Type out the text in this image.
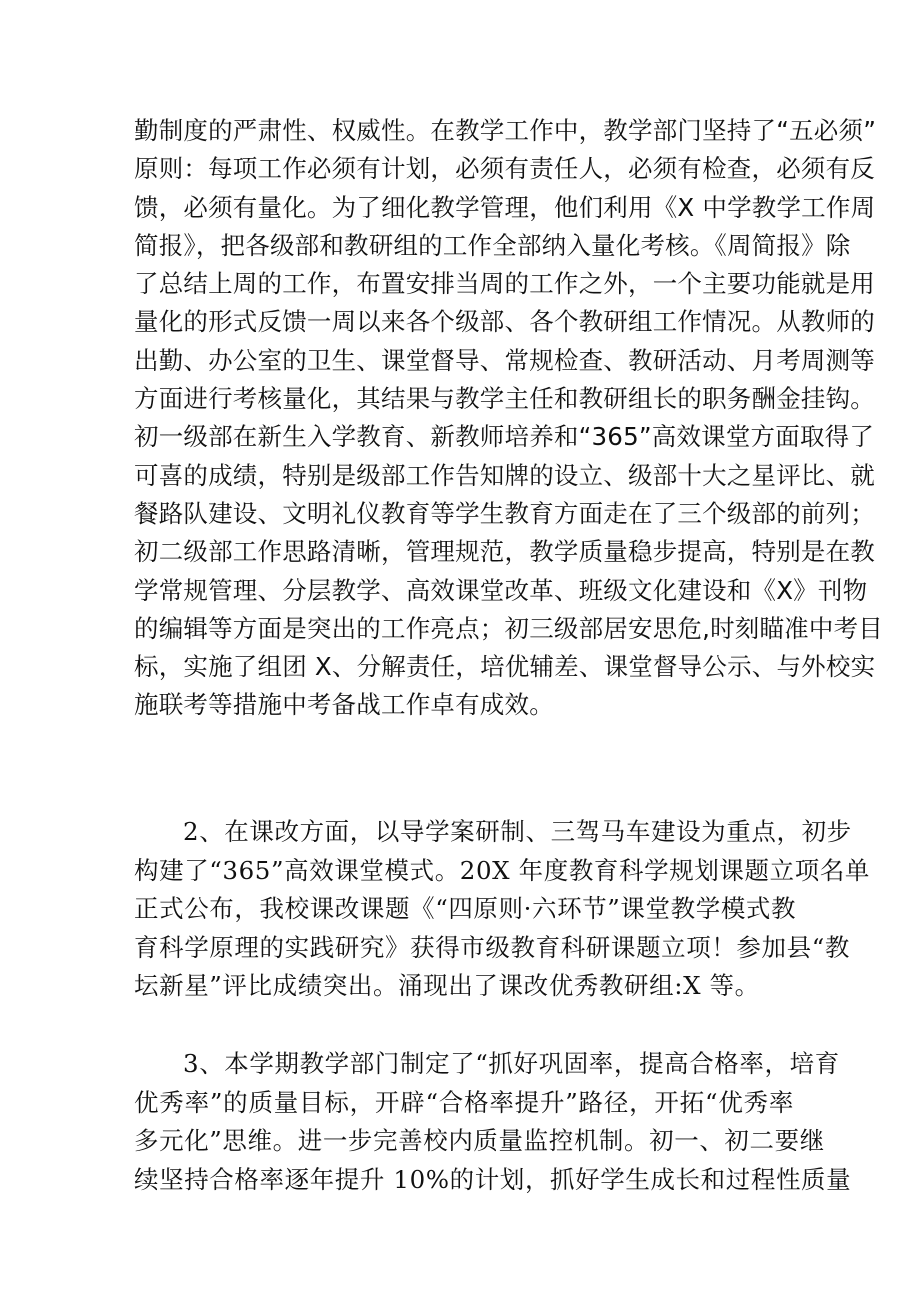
勤制度的严肃性、权威性。在教学工作中，教学部门坚持了“五必须”
原则：每项工作必须有计划，必须有责任人，必须有检查，必须有反
馈，必须有量化。为了细化教学管理，他们利用《X 中学教学工作周
简报》，把各级部和教研组的工作全部纳入量化考核。《周简报》除
了总结上周的工作，布置安排当周的工作之外，一个主要功能就是用
量化的形式反馈一周以来各个级部、各个教研组工作情况。从教师的
出勤、办公室的卫生、课堂督导、常规检查、教研活动、月考周测等
方面进行考核量化，其结果与教学主任和教研组长的职务酬金挂钩。
初一级部在新生入学教育、新教师培养和“365”高效课堂方面取得了
可喜的成绩，特别是级部工作告知牌的设立、级部十大之星评比、就
餐路队建设、文明礼仪教育等学生教育方面走在了三个级部的前列；
初二级部工作思路清晰，管理规范，教学质量稳步提高，特别是在教
学常规管理、分层教学、高效课堂改革、班级文化建设和《X》刊物
的编辑等方面是突出的工作亮点；初三级部居安思危,时刻瞄准中考目
标，实施了组团 X、分解责任，培优辅差、课堂督导公示、与外校实
施联考等措施中考备战工作卓有成效。
2、在课改方面，以导学案研制、三驾马车建设为重点，初步
构建了“365”高效课堂模式。20X 年度教育科学规划课题立项名单
正式公布，我校课改课题《“四原则·六环节”课堂教学模式教
育科学原理的实践研究》获得市级教育科研课题立项！参加县“教
坛新星”评比成绩突出。涌现出了课改优秀教研组:X 等。
3、本学期教学部门制定了“抓好巩固率，提高合格率，培育
优秀率”的质量目标，开辟“合格率提升”路径，开拓“优秀率
多元化”思维。进一步完善校内质量监控机制。初一、初二要继
续坚持合格率逐年提升 10%的计划，抓好学生成长和过程性质量
